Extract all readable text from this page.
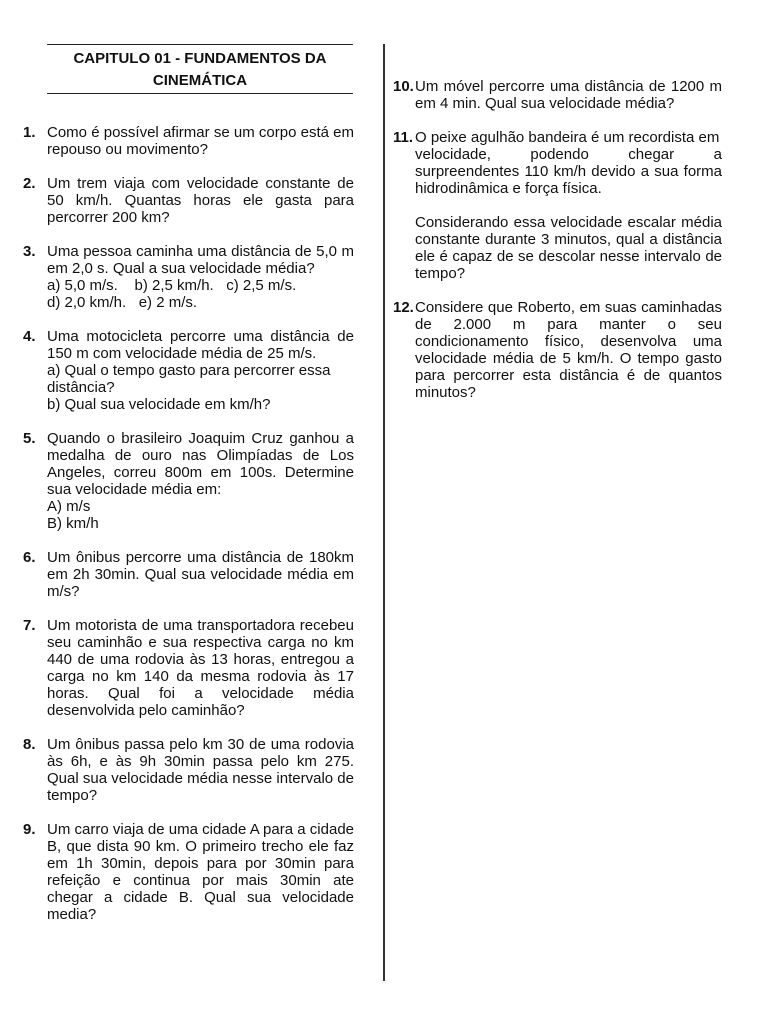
CAPITULO 01 - FUNDAMENTOS DA
CINEMÁTICA
1. Como é possível afirmar se um corpo está em repouso ou movimento?

2. Um trem viaja com velocidade constante de 50 km/h. Quantas horas ele gasta para percorrer 200 km?

3. Uma pessoa caminha uma distância de 5,0 m em 2,0 s. Qual a sua velocidade média?

a) 5,0 m/s.    b) 2,5 km/h.   c) 2,5 m/s.
d) 2,0 km/h.   e) 2 m/s.
4. Uma motocicleta percorre uma distância de 150 m com velocidade média de 25 m/s.

a) Qual o tempo gasto para percorrer essa distância?
b) Qual sua velocidade em km/h?
5. Quando o brasileiro Joaquim Cruz ganhou a medalha de ouro nas Olimpíadas de Los Angeles, correu 800m em 100s. Determine sua velocidade média em:

A) m/s
B) km/h
6. Um ônibus percorre uma distância de 180km em 2h 30min. Qual sua velocidade média em m/s?

7. Um motorista de uma transportadora recebeu seu caminhão e sua respectiva carga no km 440 de uma rodovia às 13 horas, entregou a carga no km 140 da mesma rodovia às 17 horas. Qual foi a velocidade média desenvolvida pelo caminhão?

8. Um ônibus passa pelo km 30 de uma rodovia às 6h, e às 9h 30min passa pelo km 275. Qual sua velocidade média nesse intervalo de tempo?

9. Um carro viaja de uma cidade A para a cidade B, que dista 90 km. O primeiro trecho ele faz em 1h 30min, depois para por 30min para refeição e continua por mais 30min ate chegar a cidade B. Qual sua velocidade media?

10. Um móvel percorre uma distância de 1200 m em 4 min. Qual sua velocidade média?

11. O peixe agulhão bandeira é um recordista em

velocidade, podendo chegar a surpreendentes 110 km/h devido a sua forma hidrodinâmica e força física.

Considerando essa velocidade escalar média constante durante 3 minutos, qual a distância ele é capaz de se descolar nesse intervalo de tempo?

12. Considere que Roberto, em suas caminhadas de 2.000 m para manter o seu condicionamento físico, desenvolva uma velocidade média de 5 km/h. O tempo gasto para percorrer esta distância é de quantos minutos?
